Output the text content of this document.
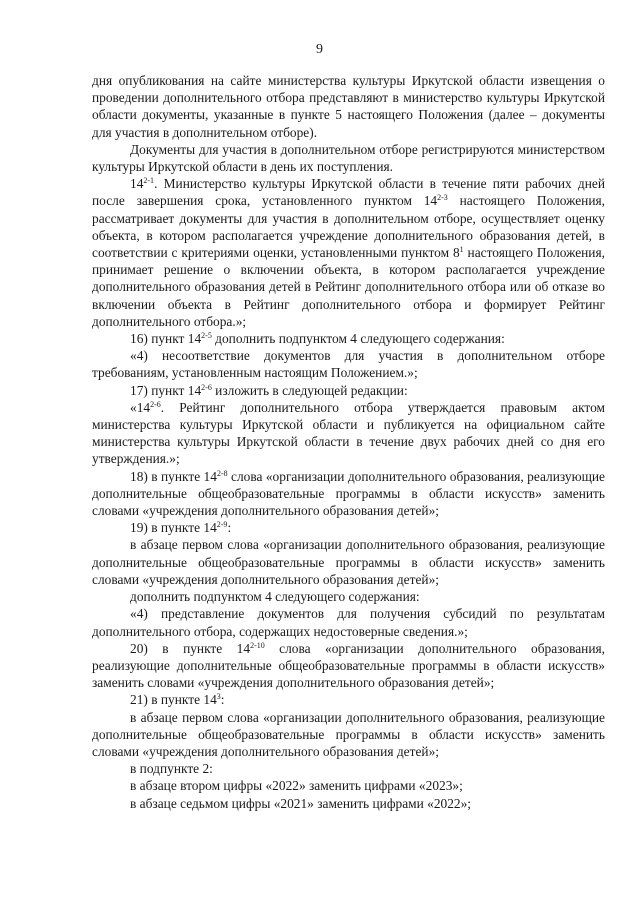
9

дня опубликования на сайте министерства культуры Иркутской области извещения о проведении дополнительного отбора представляют в министерство культуры Иркутской области документы, указанные в пункте 5 настоящего Положения (далее – документы для участия в дополнительном отборе).

Документы для участия в дополнительном отборе регистрируются министерством культуры Иркутской области в день их поступления.

14$^{2-1}$. Министерство культуры Иркутской области в течение пяти рабочих дней после завершения срока, установленного пунктом 14$^{2-3}$ настоящего Положения, рассматривает документы для участия в дополнительном отборе, осуществляет оценку объекта, в котором располагается учреждение дополнительного образования детей, в соответствии с критериями оценки, установленными пунктом $8^1$ настоящего Положения, принимает решение о включении объекта, в котором располагается учреждение дополнительного образования детей в Рейтинг дополнительного отбора или об отказе во включении объекта в Рейтинг дополнительного отбора и формирует Рейтинг дополнительного отбора.»;

16) пункт 14$^{2-5}$ дополнить подпунктом 4 следующего содержания:

«4) несоответствие документов для участия в дополнительном отборе требованиям, установленным настоящим Положением.»;

17) пункт 14$^{2-6}$ изложить в следующей редакции:

«14$^{2-6}$. Рейтинг дополнительного отбора утверждается правовым актом министерства культуры Иркутской области и публикуется на официальном сайте министерства культуры Иркутской области в течение двух рабочих дней со дня его утверждения.»;

18) в пункте 14$^{2-8}$ слова «организации дополнительного образования, реализующие дополнительные общеобразовательные программы в области искусств» заменить словами «учреждения дополнительного образования детей»;

19) в пункте 14$^{2-9}$:

в абзаце первом слова «организации дополнительного образования, реализующие дополнительные общеобразовательные программы в области искусств» заменить словами «учреждения дополнительного образования детей»;

дополнить подпунктом 4 следующего содержания:

«4) представление документов для получения субсидий по результатам дополнительного отбора, содержащих недостоверные сведения.»;

20) в пункте 14$^{2-10}$ слова «организации дополнительного образования, реализующие дополнительные общеобразовательные программы в области искусств» заменить словами «учреждения дополнительного образования детей»;

21) в пункте $14^3$:

в абзаце первом слова «организации дополнительного образования, реализующие дополнительные общеобразовательные программы в области искусств» заменить словами «учреждения дополнительного образования детей»;

в подпункте 2:

в абзаце втором цифры «2022» заменить цифрами «2023»;

в абзаце седьмом цифры «2021» заменить цифрами «2022»;
